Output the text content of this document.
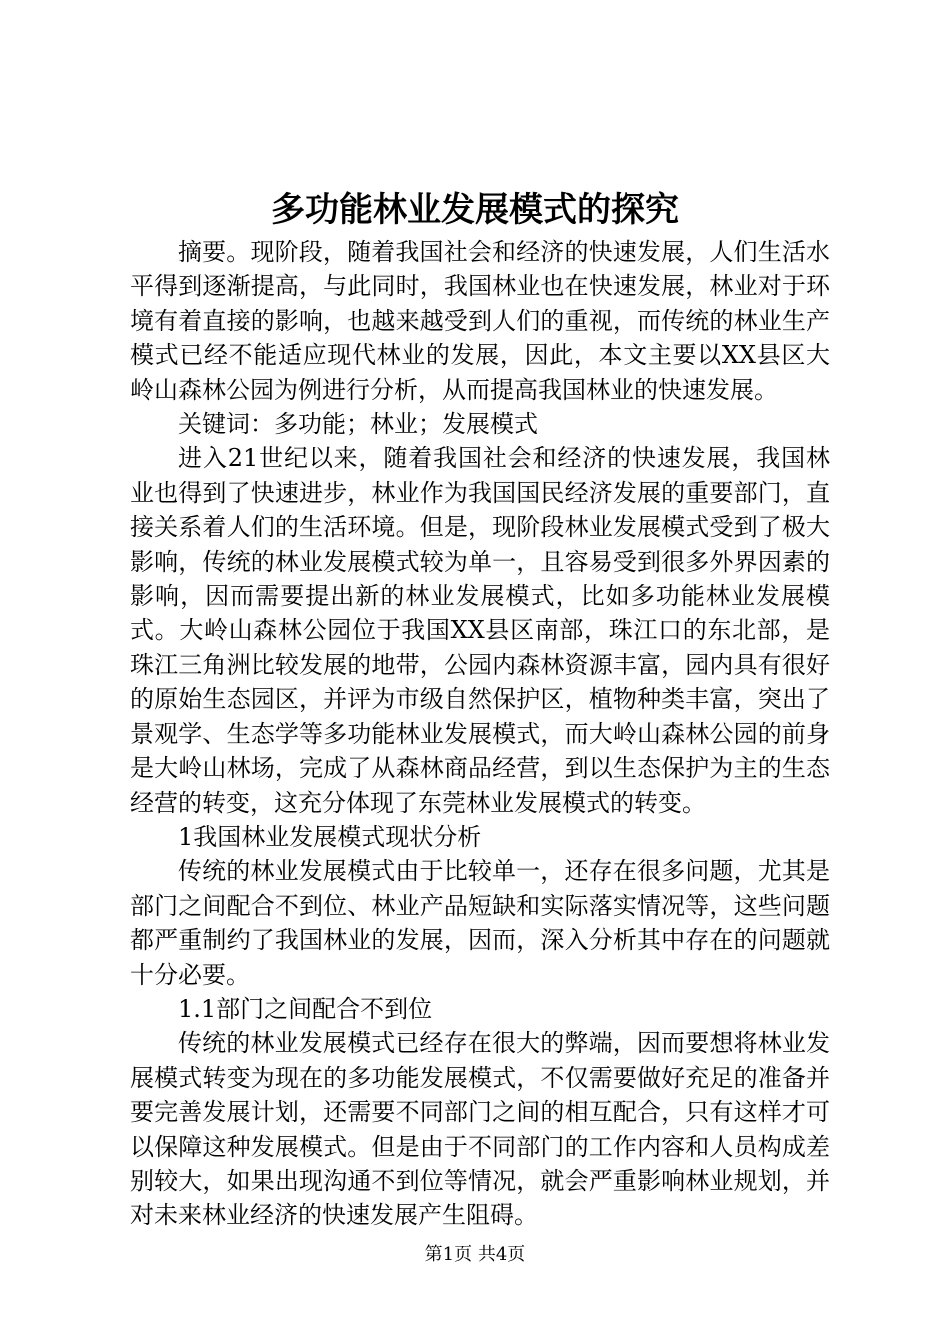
多功能林业发展模式的探究

摘要。现阶段，随着我国社会和经济的快速发展，人们生活水平得到逐渐提高，与此同时，我国林业也在快速发展，林业对于环境有着直接的影响，也越来越受到人们的重视，而传统的林业生产模式已经不能适应现代林业的发展，因此，本文主要以XX县区大岭山森林公园为例进行分析，从而提高我国林业的快速发展。

关键词：多功能；林业；发展模式

进入21世纪以来，随着我国社会和经济的快速发展，我国林业也得到了快速进步，林业作为我国国民经济发展的重要部门，直接关系着人们的生活环境。但是，现阶段林业发展模式受到了极大影响，传统的林业发展模式较为单一，且容易受到很多外界因素的影响，因而需要提出新的林业发展模式，比如多功能林业发展模式。大岭山森林公园位于我国XX县区南部，珠江口的东北部，是珠江三角洲比较发展的地带，公园内森林资源丰富，园内具有很好的原始生态园区，并评为市级自然保护区，植物种类丰富，突出了景观学、生态学等多功能林业发展模式，而大岭山森林公园的前身是大岭山林场，完成了从森林商品经营，到以生态保护为主的生态经营的转变，这充分体现了东莞林业发展模式的转变。

1我国林业发展模式现状分析

传统的林业发展模式由于比较单一，还存在很多问题，尤其是部门之间配合不到位、林业产品短缺和实际落实情况等，这些问题都严重制约了我国林业的发展，因而，深入分析其中存在的问题就十分必要。

1.1部门之间配合不到位

传统的林业发展模式已经存在很大的弊端，因而要想将林业发展模式转变为现在的多功能发展模式，不仅需要做好充足的准备并要完善发展计划，还需要不同部门之间的相互配合，只有这样才可以保障这种发展模式。但是由于不同部门的工作内容和人员构成差别较大，如果出现沟通不到位等情况，就会严重影响林业规划，并对未来林业经济的快速发展产生阻碍。

第1页 共4页
